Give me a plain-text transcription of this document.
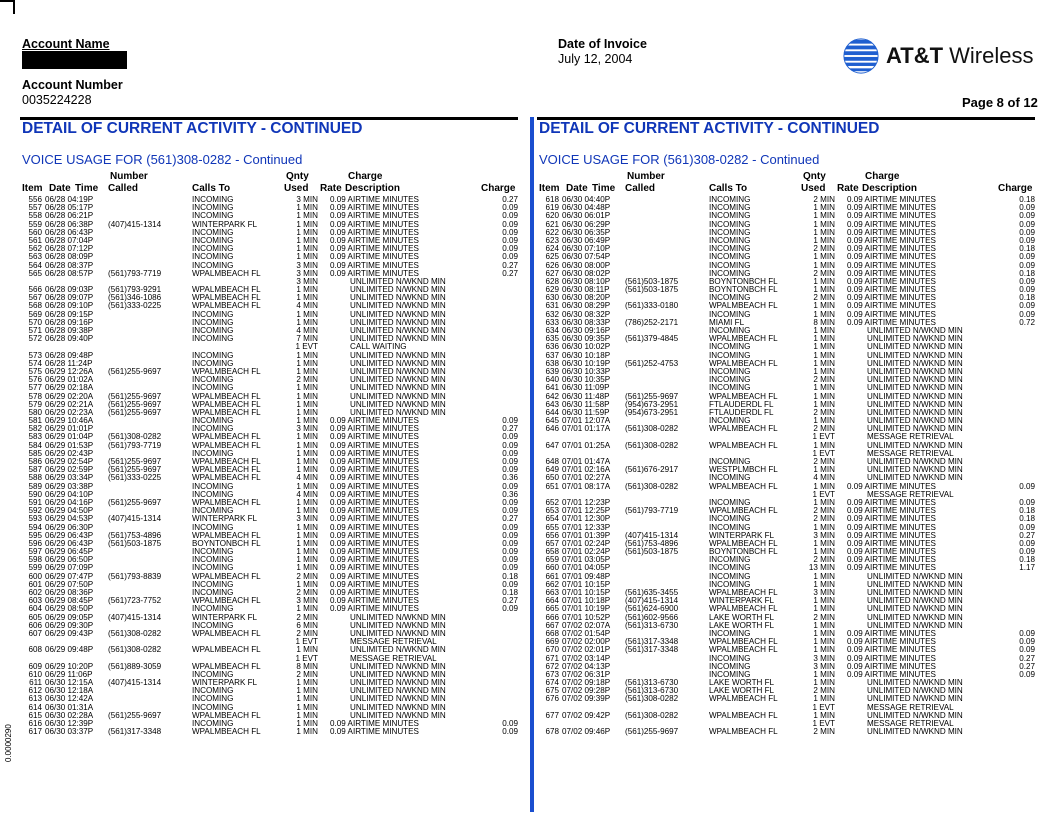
Account Name
Account Number
0035224228
Date of Invoice
July 12, 2004	AT&T Wireless
Page 8 of 12
DETAIL OF CURRENT ACTIVITY - CONTINUED
VOICE USAGE FOR (561)308-0282 - Continued
Number	Qnty	Charge
Item Date Time Called	Calls To	Used Rate Description	Charge
556 06/28 04:19P	INCOMING	3 MIN 0.09 AIRTIME MINUTES	0.27
557 06/28 05:17P	INCOMING	1 MIN 0.09 AIRTIME MINUTES	0.09
558 06/28 06:21P	INCOMING	1 MIN 0.09 AIRTIME MINUTES	0.09
559 06/28 06:38P (407)415-1314	WINTERPARK FL	1 MIN 0.09 AIRTIME MINUTES	0.09
560 06/28 06:43P	INCOMING	1 MIN 0.09 AIRTIME MINUTES	0.09
561 06/28 07:04P	INCOMING	1 MIN 0.09 AIRTIME MINUTES	0.09
562 06/28 07:12P	INCOMING	1 MIN 0.09 AIRTIME MINUTES	0.09
563 06/28 08:09P	INCOMING	1 MIN 0.09 AIRTIME MINUTES	0.09
564 06/28 08:37P	INCOMING	3 MIN 0.09 AIRTIME MINUTES	0.27
565 06/28 08:57P (561)793-7719	WPALMBEACH FL	3 MIN 0.09 AIRTIME MINUTES	0.27
3 MIN	UNLIMITED N/WKND MIN
566 06/28 09:03P (561)793-9291	WPALMBEACH FL	1 MIN	UNLIMITED N/WKND MIN
567 06/28 09:07P (561)346-1086	WPALMBEACH FL	1 MIN	UNLIMITED N/WKND MIN
568 06/28 09:10P (561)333-0225	WPALMBEACH FL	4 MIN	UNLIMITED N/WKND MIN
569 06/28 09:15P	INCOMING	1 MIN	UNLIMITED N/WKND MIN
570 06/28 09:16P	INCOMING	1 MIN	UNLIMITED N/WKND MIN
571 06/28 09:38P	INCOMING	4 MIN	UNLIMITED N/WKND MIN
572 06/28 09:40P	INCOMING	7 MIN	UNLIMITED N/WKND MIN
1 EVT	CALL WAITING
573 06/28 09:48P	INCOMING	1 MIN	UNLIMITED N/WKND MIN
574 06/28 11:24P	INCOMING	1 MIN	UNLIMITED N/WKND MIN
575 06/29 12:26A (561)255-9697	WPALMBEACH FL	1 MIN	UNLIMITED N/WKND MIN
576 06/29 01:02A	INCOMING	2 MIN	UNLIMITED N/WKND MIN
577 06/29 02:18A	INCOMING	1 MIN	UNLIMITED N/WKND MIN
578 06/29 02:20A (561)255-9697	WPALMBEACH FL	1 MIN	UNLIMITED N/WKND MIN
579 06/29 02:21A (561)255-9697	WPALMBEACH FL	1 MIN	UNLIMITED N/WKND MIN
580 06/29 02:23A (561)255-9697	WPALMBEACH FL	1 MIN	UNLIMITED N/WKND MIN
581 06/29 10:46A	INCOMING	1 MIN 0.09 AIRTIME MINUTES	0.09
582 06/29 01:01P	INCOMING	3 MIN 0.09 AIRTIME MINUTES	0.27
583 06/29 01:04P (561)308-0282	WPALMBEACH FL	1 MIN 0.09 AIRTIME MINUTES	0.09
584 06/29 01:53P (561)793-7719	WPALMBEACH FL	1 MIN 0.09 AIRTIME MINUTES	0.09
585 06/29 02:43P	INCOMING	1 MIN 0.09 AIRTIME MINUTES	0.09
586 06/29 02:54P (561)255-9697	WPALMBEACH FL	1 MIN 0.09 AIRTIME MINUTES	0.09
587 06/29 02:59P (561)255-9697	WPALMBEACH FL	1 MIN 0.09 AIRTIME MINUTES	0.09
588 06/29 03:34P (561)333-0225	WPALMBEACH FL	4 MIN 0.09 AIRTIME MINUTES	0.36
589 06/29 03:38P	INCOMING	1 MIN 0.09 AIRTIME MINUTES	0.09
590 06/29 04:10P	INCOMING	4 MIN 0.09 AIRTIME MINUTES	0.36
591 06/29 04:16P (561)255-9697	WPALMBEACH FL	1 MIN 0.09 AIRTIME MINUTES	0.09
592 06/29 04:50P	INCOMING	1 MIN 0.09 AIRTIME MINUTES	0.09
593 06/29 04:53P (407)415-1314	WINTERPARK FL	3 MIN 0.09 AIRTIME MINUTES	0.27
594 06/29 06:30P	INCOMING	1 MIN 0.09 AIRTIME MINUTES	0.09
595 06/29 06:43P (561)753-4896	WPALMBEACH FL	1 MIN 0.09 AIRTIME MINUTES	0.09
596 06/29 06:43P (561)503-1875	BOYNTONBCH FL	1 MIN 0.09 AIRTIME MINUTES	0.09
597 06/29 06:45P	INCOMING	1 MIN 0.09 AIRTIME MINUTES	0.09
598 06/29 06:50P	INCOMING	1 MIN 0.09 AIRTIME MINUTES	0.09
599 06/29 07:09P	INCOMING	1 MIN 0.09 AIRTIME MINUTES	0.09
600 06/29 07:47P (561)793-8839	WPALMBEACH FL	2 MIN 0.09 AIRTIME MINUTES	0.18
601 06/29 07:50P	INCOMING	1 MIN 0.09 AIRTIME MINUTES	0.09
602 06/29 08:36P	INCOMING	2 MIN 0.09 AIRTIME MINUTES	0.18
603 06/29 08:45P (561)723-7752	WPALMBEACH FL	3 MIN 0.09 AIRTIME MINUTES	0.27
604 06/29 08:50P	INCOMING	1 MIN 0.09 AIRTIME MINUTES	0.09
605 06/29 09:05P (407)415-1314	WINTERPARK FL	2 MIN	UNLIMITED N/WKND MIN
606 06/29 09:30P	INCOMING	6 MIN	UNLIMITED N/WKND MIN
607 06/29 09:43P (561)308-0282	WPALMBEACH FL	2 MIN	UNLIMITED N/WKND MIN
1 EVT	MESSAGE RETRIEVAL
608 06/29 09:48P (561)308-0282	WPALMBEACH FL	1 MIN	UNLIMITED N/WKND MIN
1 EVT	MESSAGE RETRIEVAL
609 06/29 10:20P (561)889-3059	WPALMBEACH FL	8 MIN	UNLIMITED N/WKND MIN
610 06/29 11:06P	INCOMING	2 MIN	UNLIMITED N/WKND MIN
611 06/30 12:15A (407)415-1314	WINTERPARK FL	1 MIN	UNLIMITED N/WKND MIN
612 06/30 12:18A	INCOMING	1 MIN	UNLIMITED N/WKND MIN
613 06/30 12:42A	INCOMING	1 MIN	UNLIMITED N/WKND MIN
614 06/30 01:31A	INCOMING	1 MIN	UNLIMITED N/WKND MIN
615 06/30 02:28A (561)255-9697	WPALMBEACH FL	1 MIN	UNLIMITED N/WKND MIN
616 06/30 12:39P	INCOMING	1 MIN 0.09 AIRTIME MINUTES	0.09
617 06/30 03:37P (561)317-3348	WPALMBEACH FL	1 MIN 0.09 AIRTIME MINUTES	0.09
DETAIL OF CURRENT ACTIVITY - CONTINUED
VOICE USAGE FOR (561)308-0282 - Continued
Number	Qnty	Charge
Item Date Time Called	Calls To	Used Rate Description	Charge
618 06/30 04:40P	INCOMING	2 MIN 0.09 AIRTIME MINUTES	0.18
619 06/30 04:48P	INCOMING	1 MIN 0.09 AIRTIME MINUTES	0.09
620 06/30 06:01P	INCOMING	1 MIN 0.09 AIRTIME MINUTES	0.09
621 06/30 06:29P	INCOMING	1 MIN 0.09 AIRTIME MINUTES	0.09
622 06/30 06:35P	INCOMING	1 MIN 0.09 AIRTIME MINUTES	0.09
623 06/30 06:49P	INCOMING	1 MIN 0.09 AIRTIME MINUTES	0.09
624 06/30 07:10P	INCOMING	2 MIN 0.09 AIRTIME MINUTES	0.18
625 06/30 07:54P	INCOMING	1 MIN 0.09 AIRTIME MINUTES	0.09
626 06/30 08:00P	INCOMING	1 MIN 0.09 AIRTIME MINUTES	0.09
627 06/30 08:02P	INCOMING	2 MIN 0.09 AIRTIME MINUTES	0.18
628 06/30 08:10P (561)503-1875	BOYNTONBCH FL	1 MIN 0.09 AIRTIME MINUTES	0.09
629 06/30 08:11P (561)503-1875	BOYNTONBCH FL	1 MIN 0.09 AIRTIME MINUTES	0.09
630 06/30 08:20P	INCOMING	2 MIN 0.09 AIRTIME MINUTES	0.18
631 06/30 08:29P (561)333-0180	WPALMBEACH FL	1 MIN 0.09 AIRTIME MINUTES	0.09
632 06/30 08:32P	INCOMING	1 MIN 0.09 AIRTIME MINUTES	0.09
633 06/30 08:33P (786)252-2171	MIAMI FL	8 MIN 0.09 AIRTIME MINUTES	0.72
634 06/30 09:16P	INCOMING	1 MIN	UNLIMITED N/WKND MIN
635 06/30 09:35P (561)379-4845	WPALMBEACH FL	1 MIN	UNLIMITED N/WKND MIN
636 06/30 10:02P	INCOMING	1 MIN	UNLIMITED N/WKND MIN
637 06/30 10:18P	INCOMING	1 MIN	UNLIMITED N/WKND MIN
638 06/30 10:19P (561)252-4753	WPALMBEACH FL	1 MIN	UNLIMITED N/WKND MIN
639 06/30 10:33P	INCOMING	1 MIN	UNLIMITED N/WKND MIN
640 06/30 10:35P	INCOMING	2 MIN	UNLIMITED N/WKND MIN
641 06/30 11:09P	INCOMING	1 MIN	UNLIMITED N/WKND MIN
642 06/30 11:48P (561)255-9697	WPALMBEACH FL	1 MIN	UNLIMITED N/WKND MIN
643 06/30 11:58P (954)673-2951	FTLAUDERDL FL	1 MIN	UNLIMITED N/WKND MIN
644 06/30 11:59P (954)673-2951	FTLAUDERDL FL	2 MIN	UNLIMITED N/WKND MIN
645 07/01 12:07A	INCOMING	1 MIN	UNLIMITED N/WKND MIN
646 07/01 01:17A (561)308-0282	WPALMBEACH FL	2 MIN	UNLIMITED N/WKND MIN
1 EVT	MESSAGE RETRIEVAL
647 07/01 01:25A (561)308-0282	WPALMBEACH FL	1 MIN	UNLIMITED N/WKND MIN
1 EVT	MESSAGE RETRIEVAL
648 07/01 01:47A	INCOMING	2 MIN	UNLIMITED N/WKND MIN
649 07/01 02:16A (561)676-2917	WESTPLMBCH FL	1 MIN	UNLIMITED N/WKND MIN
650 07/01 02:27A	INCOMING	4 MIN	UNLIMITED N/WKND MIN
651 07/01 08:17A (561)308-0282	WPALMBEACH FL	1 MIN 0.09 AIRTIME MINUTES	0.09
1 EVT	MESSAGE RETRIEVAL
652 07/01 12:23P	INCOMING	1 MIN 0.09 AIRTIME MINUTES	0.09
653 07/01 12:25P (561)793-7719	WPALMBEACH FL	2 MIN 0.09 AIRTIME MINUTES	0.18
654 07/01 12:30P	INCOMING	2 MIN 0.09 AIRTIME MINUTES	0.18
655 07/01 12:33P	INCOMING	1 MIN 0.09 AIRTIME MINUTES	0.09
656 07/01 01:39P (407)415-1314	WINTERPARK FL	3 MIN 0.09 AIRTIME MINUTES	0.27
657 07/01 02:24P (561)753-4896	WPALMBEACH FL	1 MIN 0.09 AIRTIME MINUTES	0.09
658 07/01 02:24P (561)503-1875	BOYNTONBCH FL	1 MIN 0.09 AIRTIME MINUTES	0.09
659 07/01 03:05P	INCOMING	2 MIN 0.09 AIRTIME MINUTES	0.18
660 07/01 04:05P	INCOMING	13 MIN 0.09 AIRTIME MINUTES	1.17
661 07/01 09:48P	INCOMING	1 MIN	UNLIMITED N/WKND MIN
662 07/01 10:15P	INCOMING	1 MIN	UNLIMITED N/WKND MIN
663 07/01 10:15P (561)635-3455	WPALMBEACH FL	3 MIN	UNLIMITED N/WKND MIN
664 07/01 10:18P (407)415-1314	WINTERPARK FL	1 MIN	UNLIMITED N/WKND MIN
665 07/01 10:19P (561)624-6900	WPALMBEACH FL	1 MIN	UNLIMITED N/WKND MIN
666 07/01 10:52P (561)602-9566	LAKE WORTH FL	2 MIN	UNLIMITED N/WKND MIN
667 07/02 02:07A (561)313-6730	LAKE WORTH FL	1 MIN	UNLIMITED N/WKND MIN
668 07/02 01:54P	INCOMING	1 MIN 0.09 AIRTIME MINUTES	0.09
669 07/02 02:00P (561)317-3348	WPALMBEACH FL	1 MIN 0.09 AIRTIME MINUTES	0.09
670 07/02 02:01P (561)317-3348	WPALMBEACH FL	1 MIN 0.09 AIRTIME MINUTES	0.09
671 07/02 03:14P	INCOMING	3 MIN 0.09 AIRTIME MINUTES	0.27
672 07/02 04:13P	INCOMING	3 MIN 0.09 AIRTIME MINUTES	0.27
673 07/02 06:31P	INCOMING	1 MIN 0.09 AIRTIME MINUTES	0.09
674 07/02 09:18P (561)313-6730	LAKE WORTH FL	1 MIN	UNLIMITED N/WKND MIN
675 07/02 09:28P (561)313-6730	LAKE WORTH FL	2 MIN	UNLIMITED N/WKND MIN
676 07/02 09:39P (561)308-0282	WPALMBEACH FL	1 MIN	UNLIMITED N/WKND MIN
1 EVT	MESSAGE RETRIEVAL
677 07/02 09:42P (561)308-0282	WPALMBEACH FL	1 MIN	UNLIMITED N/WKND MIN
1 EVT	MESSAGE RETRIEVAL
678 07/02 09:46P (561)255-9697	WPALMBEACH FL	2 MIN	UNLIMITED N/WKND MIN
0.0000290
